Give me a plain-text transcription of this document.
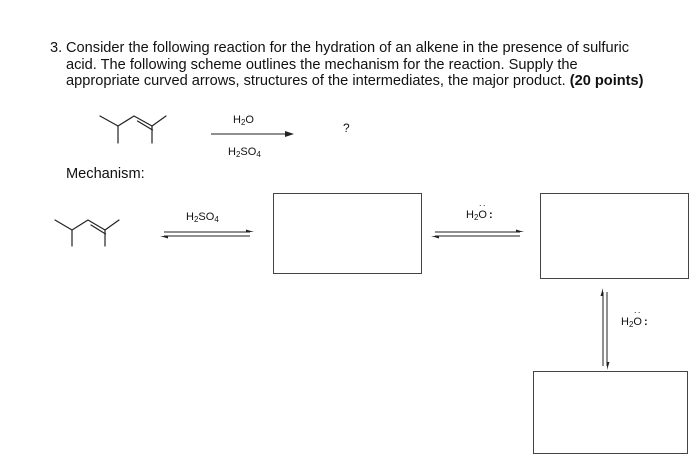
3. Consider the following reaction for the hydration of an alkene in the presence of sulfuric acid. The following scheme outlines the mechanism for the reaction. Supply the appropriate curved arrows, structures of the intermediates, the major product. (20 points)
$H_2O$
$H_2SO_4$
?
Mechanism:
$H_2SO_4$	$H_2$
··
O :
$H_2$
··
O :
